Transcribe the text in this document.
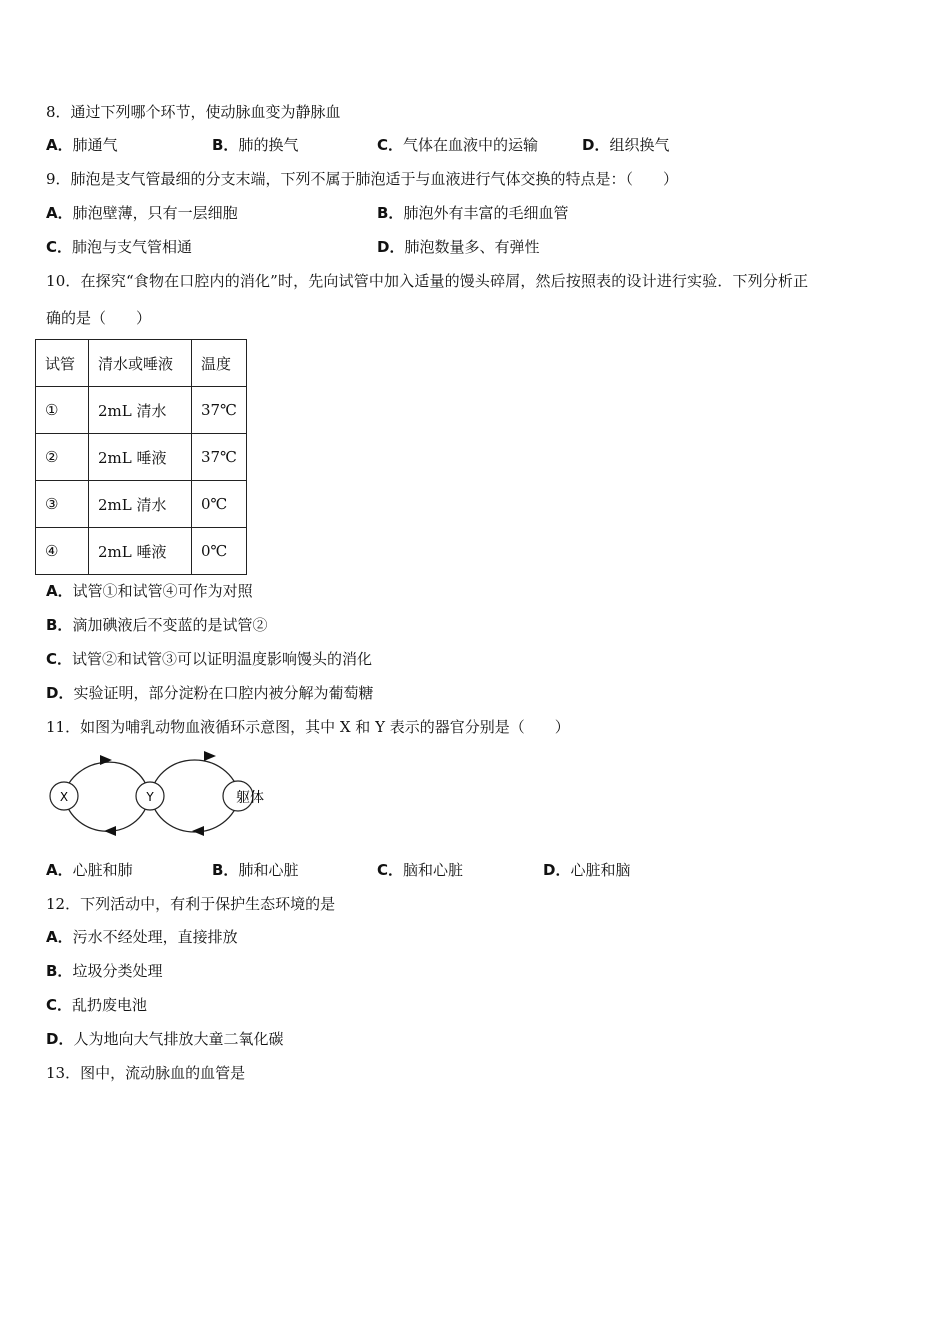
8．通过下列哪个环节，使动脉血变为静脉血
A．肺通气	B．肺的换气	C．气体在血液中的运输	D．组织换气
9．肺泡是支气管最细的分支末端，下列不属于肺泡适于与血液进行气体交换的特点是：（　　）
A．肺泡壁薄，只有一层细胞	B．肺泡外有丰富的毛细血管
C．肺泡与支气管相通	D．肺泡数量多、有弹性
10．在探究“食物在口腔内的消化”时，先向试管中加入适量的馒头碎屑，然后按照表的设计进行实验．下列分析正
确的是（　　）
试管	清水或唾液	温度
①	2mL 清水	37℃
②	2mL 唾液	37℃
③	2mL 清水	0℃
④	2mL 唾液	0℃
A．试管①和试管④可作为对照
B．滴加碘液后不变蓝的是试管②
C．试管②和试管③可以证明温度影响馒头的消化
D．实验证明，部分淀粉在口腔内被分解为葡萄糖
11．如图为哺乳动物血液循环示意图，其中 X 和 Y 表示的器官分别是（　　）
X	Y	躯体
A．心脏和肺	B．肺和心脏	C．脑和心脏	D．心脏和脑
12．下列活动中，有利于保护生态环境的是
A．污水不经处理，直接排放
B．垃圾分类处理
C．乱扔废电池
D．人为地向大气排放大童二氧化碳
13．图中，流动脉血的血管是
